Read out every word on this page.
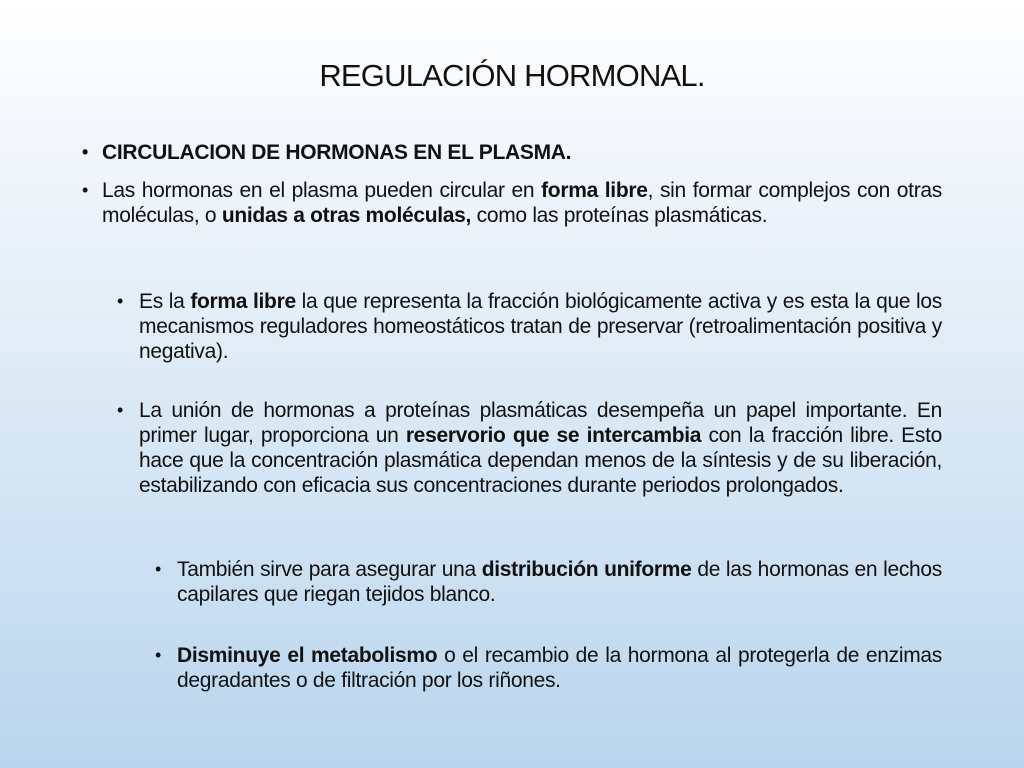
REGULACIÓN HORMONAL.

• CIRCULACION DE HORMONAS EN EL PLASMA.

• Las hormonas en el plasma pueden circular en forma libre, sin formar complejos con otras moléculas, o unidas a otras moléculas, como las proteínas plasmáticas.

• Es la forma libre la que representa la fracción biológicamente activa y es esta la que los mecanismos reguladores homeostáticos tratan de preservar (retroalimentación positiva y negativa).

• La unión de hormonas a proteínas plasmáticas desempeña un papel importante. En primer lugar, proporciona un reservorio que se intercambia con la fracción libre. Esto hace que la concentración plasmática dependan menos de la síntesis y de su liberación, estabilizando con eficacia sus concentraciones durante periodos prolongados.

• También sirve para asegurar una distribución uniforme de las hormonas en lechos capilares que riegan tejidos blanco.

• Disminuye el metabolismo o el recambio de la hormona al protegerla de enzimas degradantes o de filtración por los riñones.
